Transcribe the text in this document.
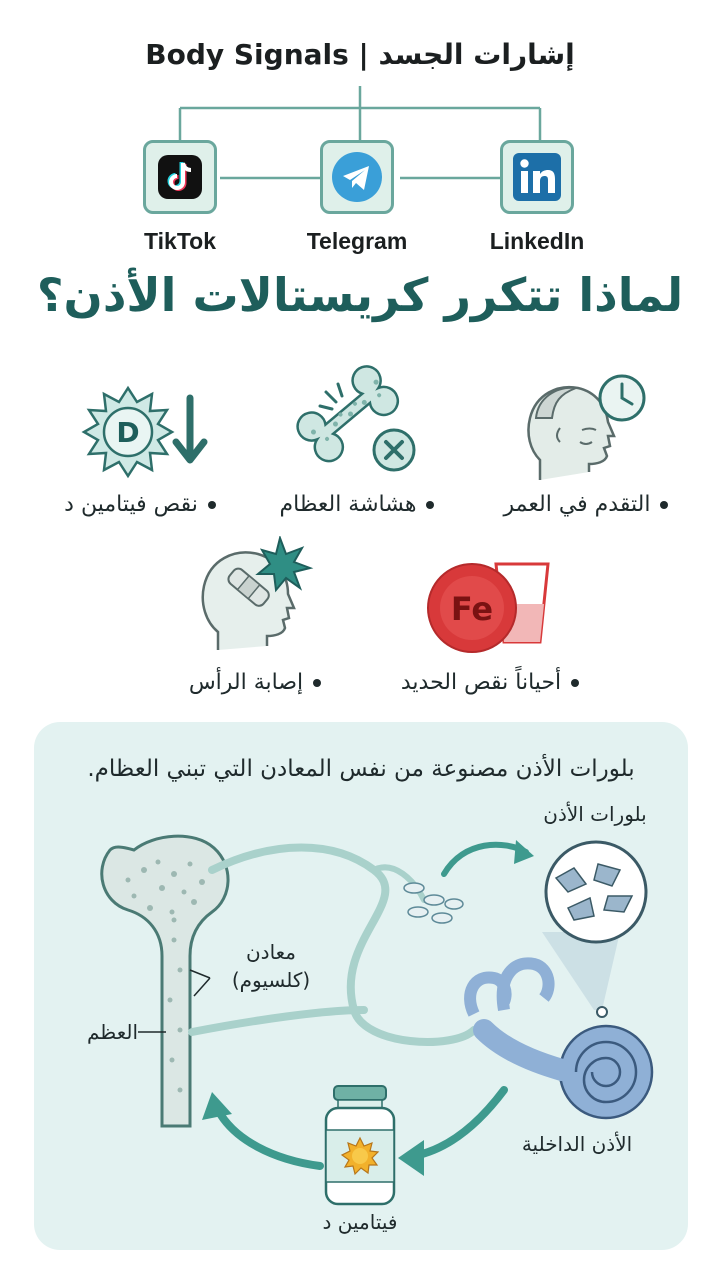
Body Signals | إشارات الجسد
TikTok	Telegram	LinkedIn
لماذا تتكرر كريستالات الأذن؟
D
نقص فيتامين د	هشاشة العظام	التقدم في العمر
إصابة الرأس
Fe
أحياناً نقص الحديد
بلورات الأذن مصنوعة من نفس المعادن التي تبني العظام.
بلورات الأذن
معادن
(كلسيوم)
العظم
الأذن الداخلية
فيتامين د
